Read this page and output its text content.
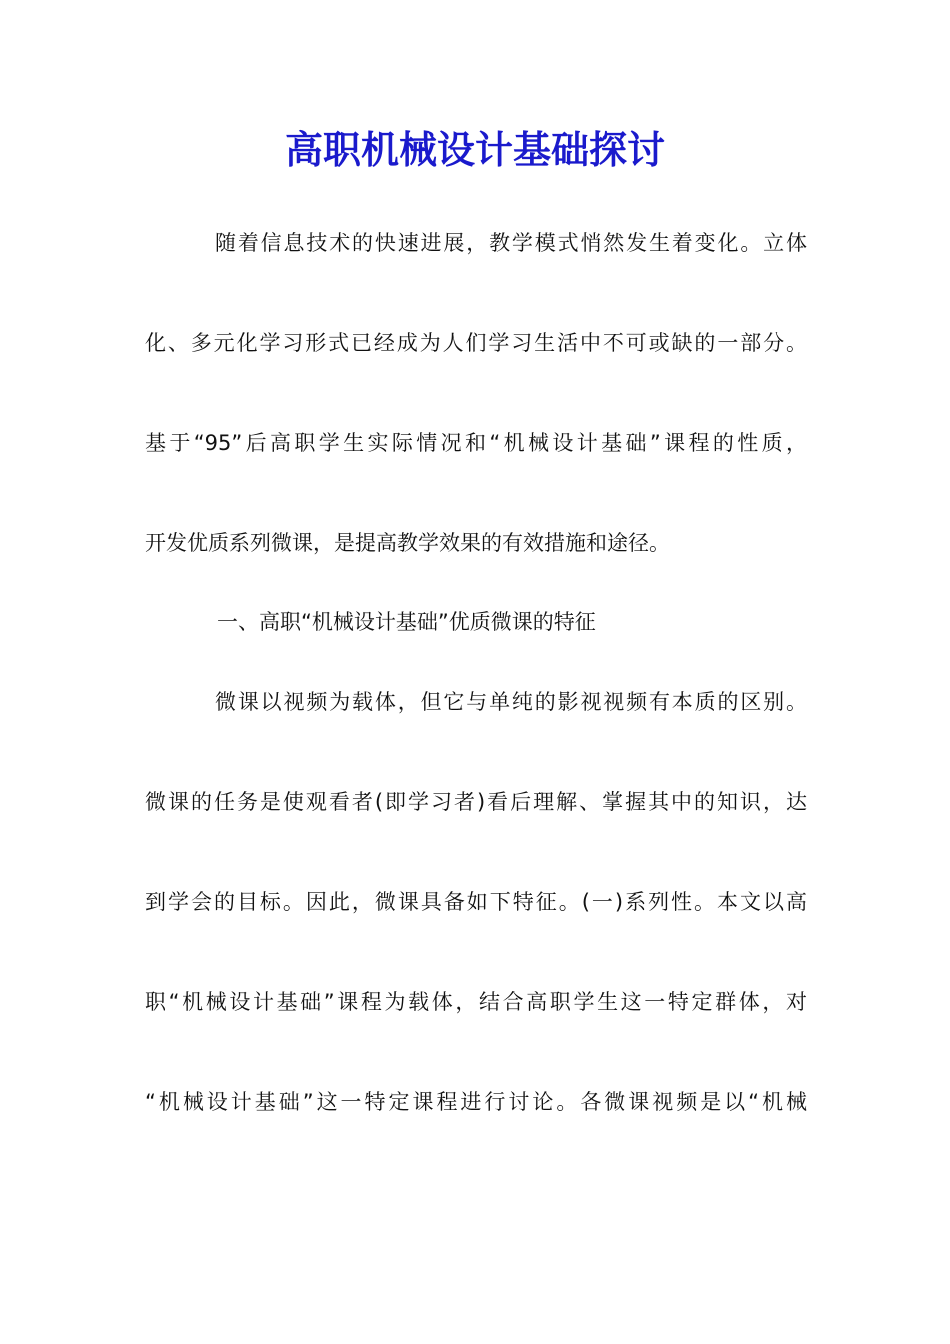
高职机械设计基础探讨

随着信息技术的快速进展，教学模式悄然发生着变化。立体

化、多元化学习形式已经成为人们学习生活中不可或缺的一部分。

基于“95”后高职学生实际情况和“机械设计基础”课程的性质，

开发优质系列微课，是提高教学效果的有效措施和途径。

一、高职“机械设计基础”优质微课的特征

微课以视频为载体，但它与单纯的影视视频有本质的区别。

微课的任务是使观看者(即学习者)看后理解、掌握其中的知识，达

到学会的目标。因此，微课具备如下特征。(一)系列性。本文以高

职“机械设计基础”课程为载体，结合高职学生这一特定群体，对

“机械设计基础”这一特定课程进行讨论。各微课视频是以“机械
